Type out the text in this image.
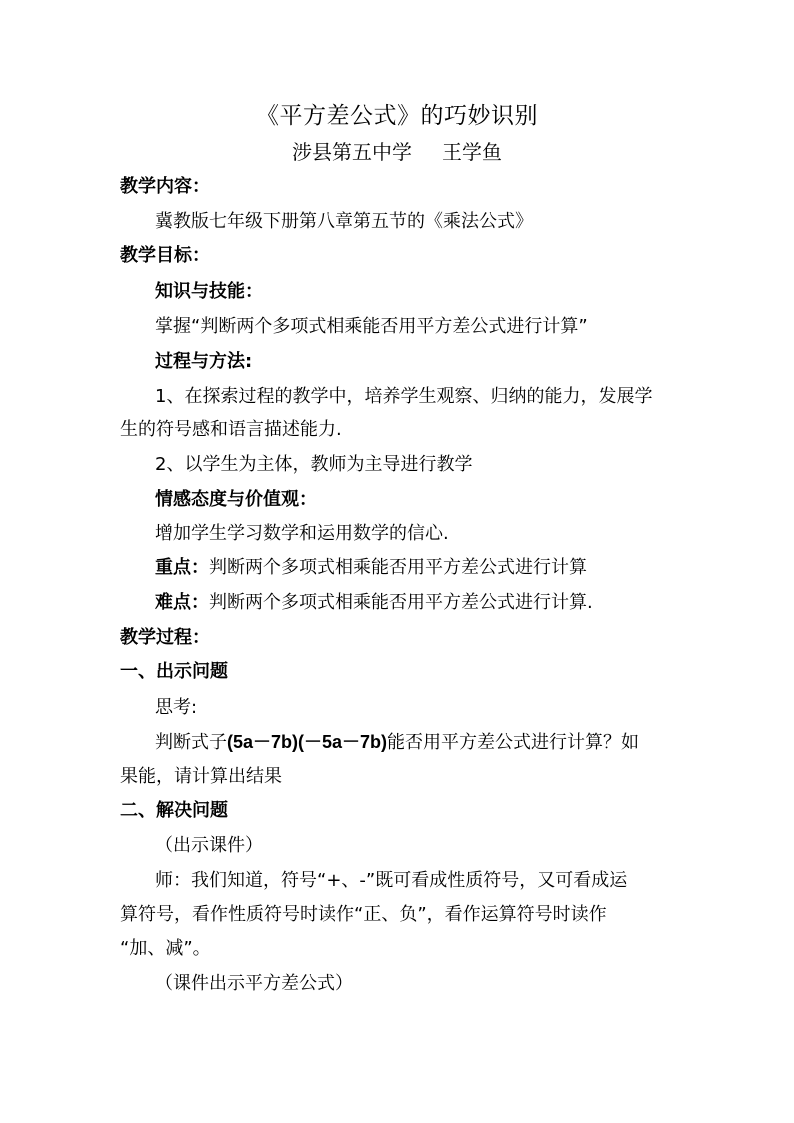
《平方差公式》的巧妙识别
涉县第五中学 王学鱼
教学内容：
冀教版七年级下册第八章第五节的《乘法公式》
教学目标：
知识与技能：
掌握“判断两个多项式相乘能否用平方差公式进行计算”
过程与方法:
1、在探索过程的教学中，培养学生观察、归纳的能力，发展学
生的符号感和语言描述能力.
2、以学生为主体，教师为主导进行教学
情感态度与价值观：
增加学生学习数学和运用数学的信心.
重点：判断两个多项式相乘能否用平方差公式进行计算
难点：判断两个多项式相乘能否用平方差公式进行计算.
教学过程：
一、出示问题
思考:
判断式子(5a－7b)(－5a－7b)能否用平方差公式进行计算？如
果能，请计算出结果
二、解决问题
（出示课件）
师：我们知道，符号“+、-”既可看成性质符号，又可看成运
算符号，看作性质符号时读作“正、负”，看作运算符号时读作
“加、减”。
（课件出示平方差公式）
